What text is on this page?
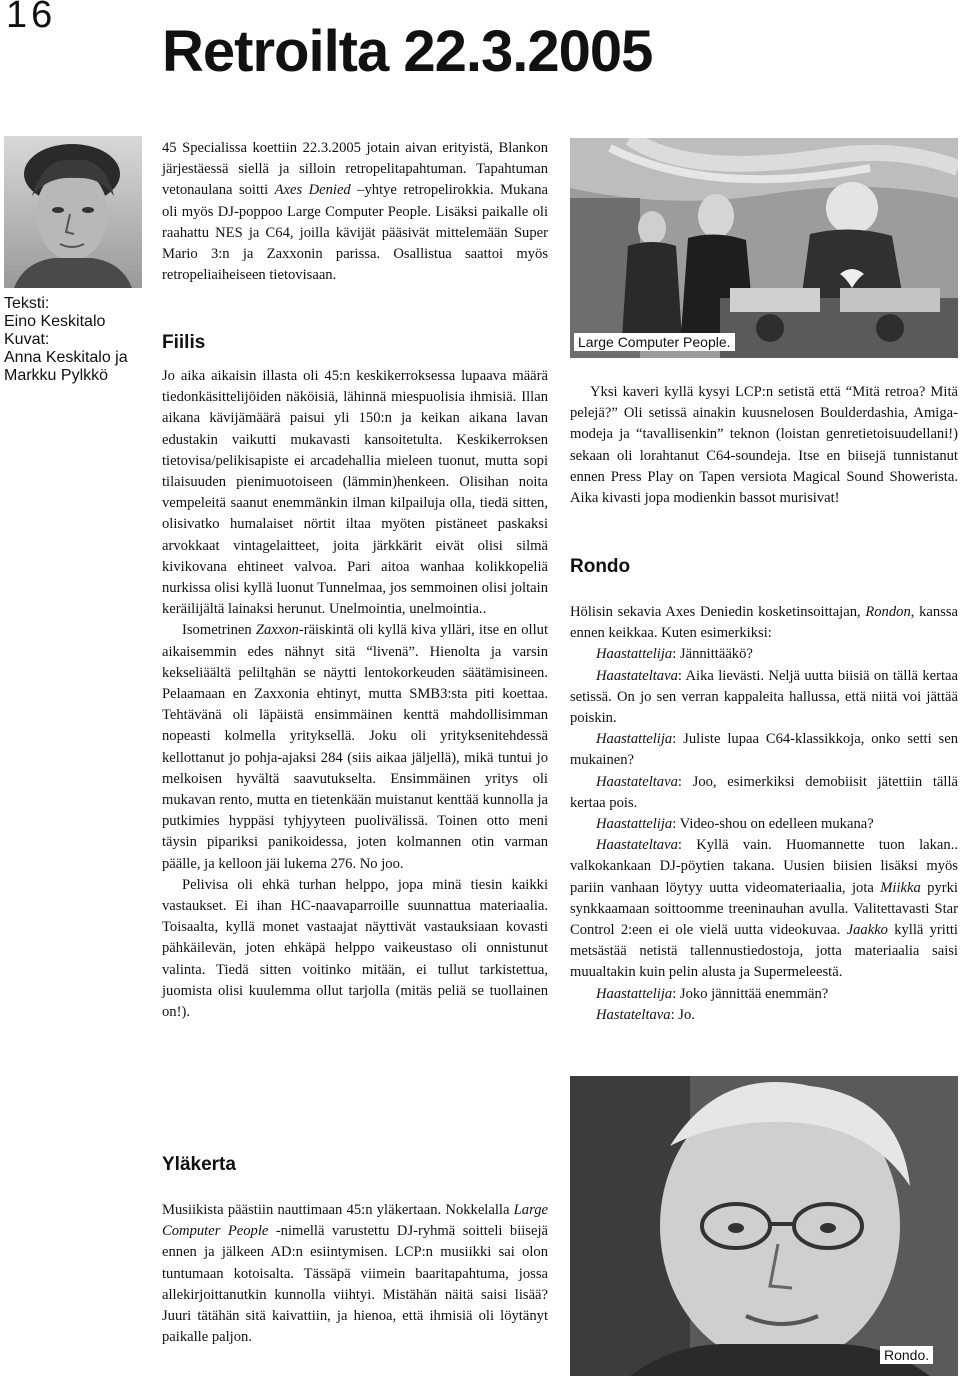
16
Retroilta 22.3.2005
Teksti:
Eino Keskitalo
Kuvat:
Anna Keskitalo ja
Markku Pylkkö

45 Specialissa koettiin 22.3.2005 jotain aivan erityistä, Blankon järjestäessä siellä ja silloin retropelitapahtuman. Tapahtuman vetonaulana soitti Axes Denied –yhtye retropelirokkia. Mukana oli myös DJ-poppoo Large Computer People. Lisäksi paikalle oli raahattu NES ja C64, joilla kävijät pääsivät mittelemään Super Mario 3:n ja Zaxxonin parissa. Osallistua saattoi myös retropeliaiheiseen tietovisaan.

Fiilis

Jo aika aikaisin illasta oli 45:n keskikerroksessa lupaava määrä tiedonkäsittelijöiden näköisiä, lähinnä miespuolisia ihmisiä. Illan aikana kävijämäärä paisui yli 150:n ja keikan aikana lavan edustakin vaikutti mukavasti kansoitetulta. Keskikerroksen tietovisa/pelikisapiste ei arcadehallia mieleen tuonut, mutta sopi tilaisuuden pienimuotoiseen (lämmin)henkeen. Olisihan noita vempeleitä saanut enemmänkin ilman kilpailuja olla, tiedä sitten, olisivatko humalaiset nörtit iltaa myöten pistäneet paskaksi arvokkaat vintagelaitteet, joita järkkärit eivät olisi silmä kivikovana ehtineet valvoa. Pari aitoa wanhaa kolikkopeliä nurkissa olisi kyllä luonut Tunnelmaa, jos semmoinen olisi joltain keräilijältä lainaksi herunut. Unelmointia, unelmointia..

Isometrinen Zaxxon-räiskintä oli kyllä kiva ylläri, itse en ollut aikaisemmin edes nähnyt sitä “livenä”. Hienolta ja varsin kekseliäältä pelilta̱hän se näytti lentokorkeuden säätämisineen. Pelaamaan en Zaxxonia ehtinyt, mutta SMB3:sta piti koettaa. Tehtävänä oli läpäistä ensimmäinen kenttä mahdollisimman nopeasti kolmella yrityksellä. Joku oli yrityksenitehdessä kellottanut jo pohja-ajaksi 284 (siis aikaa jäljellä), mikä tuntui jo melkoisen hyvältä saavutukselta. Ensimmäinen yritys oli mukavan rento, mutta en tietenkään muistanut kenttää kunnolla ja putkimies hyppäsi tyhjyyteen puolivälissä. Toinen otto meni täysin pipariksi panikoidessa, joten kolmannen otin varman päälle, ja kelloon jäi lukema 276. No joo.

Pelivisa oli ehkä turhan helppo, jopa minä tiesin kaikki vastaukset. Ei ihan HC-naavaparroille suunnattua materiaalia. Toisaalta, kyllä monet vastaajat näyttivät vastauksiaan kovasti pähkäilevän, joten ehkäpä helppo vaikeustaso oli onnistunut valinta. Tiedä sitten voitinko mitään, ei tullut tarkistettua, juomista olisi kuulemma ollut tarjolla (mitäs peliä se tuollainen on!).

Yläkerta

Musiikista päästiin nauttimaan 45:n yläkertaan. Nokkelalla Large Computer People -nimellä varustettu DJ-ryhmä soitteli biisejä ennen ja jälkeen AD:n esiintymisen. LCP:n musiikki sai olon tuntumaan kotoisalta. Tässäpä viimein baaritapahtuma, jossa allekirjoittanutkin kunnolla viihtyi. Mistähän näitä saisi lisää? Juuri tätähän sitä kaivattiin, ja hienoa, että ihmisiä oli löytänyt paikalle paljon.

Large Computer People.

Yksi kaveri kyllä kysyi LCP:n setistä että “Mitä retroa? Mitä pelejä?” Oli setissä ainakin kuusnelosen Boulderdashia, Amiga-modeja ja “tavallisenkin” teknon (loistan genretietoisuudellani!) sekaan oli lorahtanut C64-soundeja. Itse en biisejä tunnistanut ennen Press Play on Tapen versiota Magical Sound Showerista. Aika kivasti jopa modienkin bassot murisivat!

Rondo

Hölisin sekavia Axes Deniedin kosketinsoittajan, Rondon, kanssa ennen keikkaa. Kuten esimerkiksi:

Haastattelija: Jännittääkö?

Haastateltava: Aika lievästi. Neljä uutta biisiä on tällä kertaa setissä. On jo sen verran kappaleita hallussa, että niitä voi jättää poiskin.

Haastattelija: Juliste lupaa C64-klassikkoja, onko setti sen mukainen?

Haastateltava: Joo, esimerkiksi demobiisit jätettiin tällä kertaa pois.

Haastattelija: Video-shou on edelleen mukana?

Haastateltava: Kyllä vain. Huomannette tuon lakan.. valkokankaan DJ-pöytien takana. Uusien biisien lisäksi myös pariin vanhaan löytyy uutta videomateriaalia, jota Miikka pyrki synkkaamaan soittoomme treeninauhan avulla. Valitettavasti Star Control 2:een ei ole vielä uutta videokuvaa. Jaakko kyllä yritti metsästää netistä tallennustiedostoja, jotta materiaalia saisi muualtakin kuin pelin alusta ja Supermeleestä.

Haastattelija: Joko jännittää enemmän?

Hastateltava: Jo.

Rondo.
